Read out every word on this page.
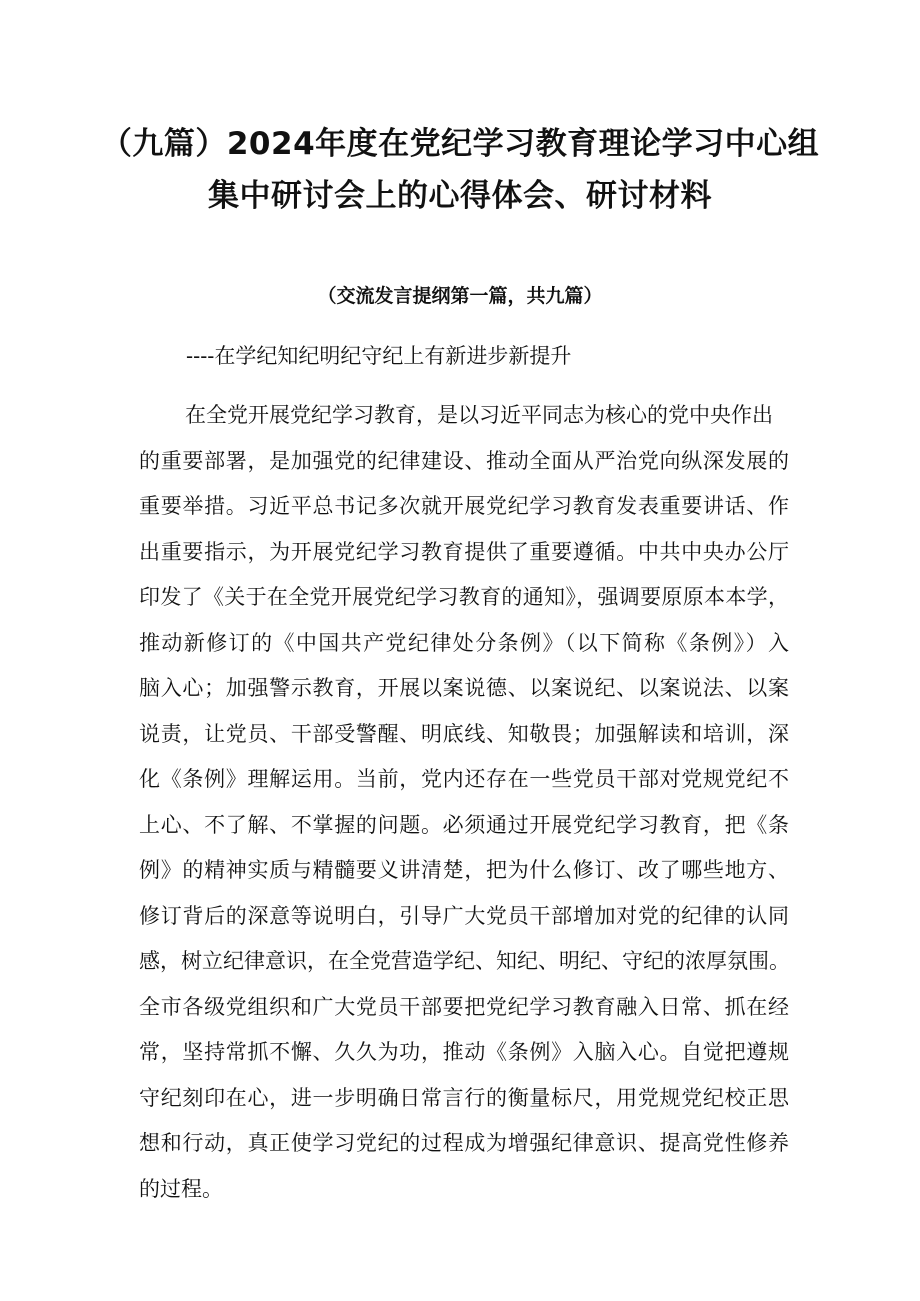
（九篇）2024年度在党纪学习教育理论学习中心组
集中研讨会上的心得体会、研讨材料
（交流发言提纲第一篇，共九篇）
----在学纪知纪明纪守纪上有新进步新提升
在全党开展党纪学习教育，是以习近平同志为核心的党中央作出
的重要部署，是加强党的纪律建设、推动全面从严治党向纵深发展的
重要举措。习近平总书记多次就开展党纪学习教育发表重要讲话、作
出重要指示，为开展党纪学习教育提供了重要遵循。中共中央办公厅
印发了《关于在全党开展党纪学习教育的通知》，强调要原原本本学，
推动新修订的《中国共产党纪律处分条例》（以下简称《条例》）入
脑入心；加强警示教育，开展以案说德、以案说纪、以案说法、以案
说责，让党员、干部受警醒、明底线、知敬畏；加强解读和培训，深
化《条例》理解运用。当前，党内还存在一些党员干部对党规党纪不
上心、不了解、不掌握的问题。必须通过开展党纪学习教育，把《条
例》的精神实质与精髓要义讲清楚，把为什么修订、改了哪些地方、
修订背后的深意等说明白，引导广大党员干部增加对党的纪律的认同
感，树立纪律意识，在全党营造学纪、知纪、明纪、守纪的浓厚氛围。
全市各级党组织和广大党员干部要把党纪学习教育融入日常、抓在经
常，坚持常抓不懈、久久为功，推动《条例》入脑入心。自觉把遵规
守纪刻印在心，进一步明确日常言行的衡量标尺，用党规党纪校正思
想和行动，真正使学习党纪的过程成为增强纪律意识、提高党性修养
的过程。
